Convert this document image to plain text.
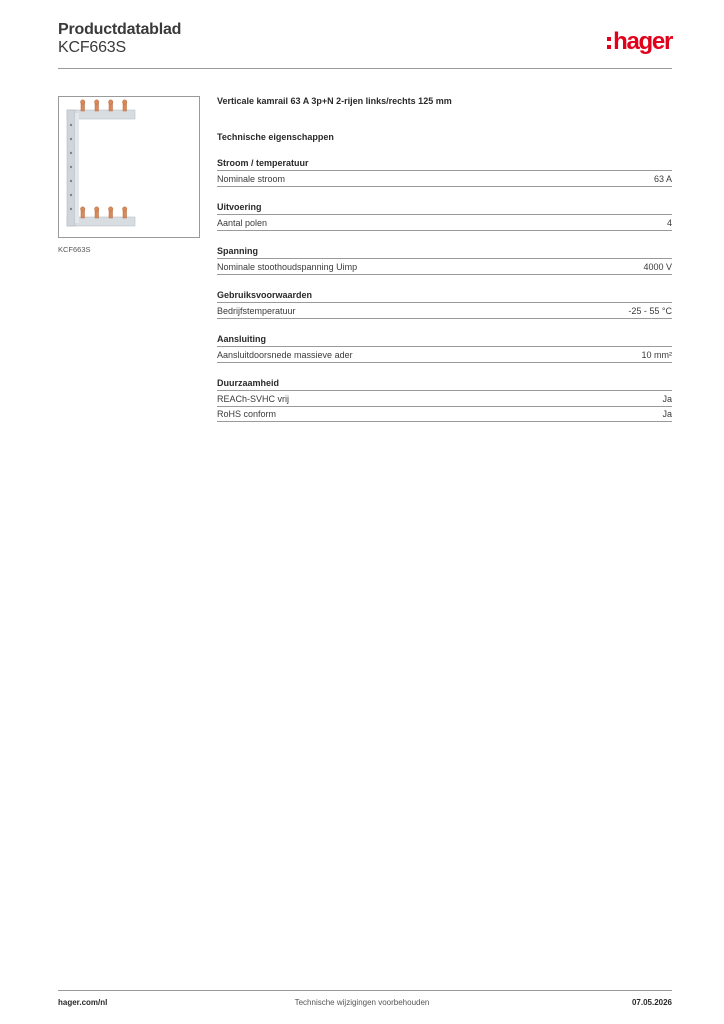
Productdatablad
KCF663S	hager
KCF663S
Verticale kamrail 63 A 3p+N 2-rijen links/rechts 125 mm
Technische eigenschappen
Stroom / temperatuur
Nominale stroom	63 A
Uitvoering
Aantal polen	4
Spanning
Nominale stoothoudspanning Uimp	4000 V
Gebruiksvoorwaarden
Bedrijfstemperatuur	-25 - 55 °C
Aansluiting
Aansluitdoorsnede massieve ader	10 mm²
Duurzaamheid
REACh-SVHC vrij	Ja
RoHS conform	Ja
hager.com/nl	Technische wijzigingen voorbehouden	07.05.2026
